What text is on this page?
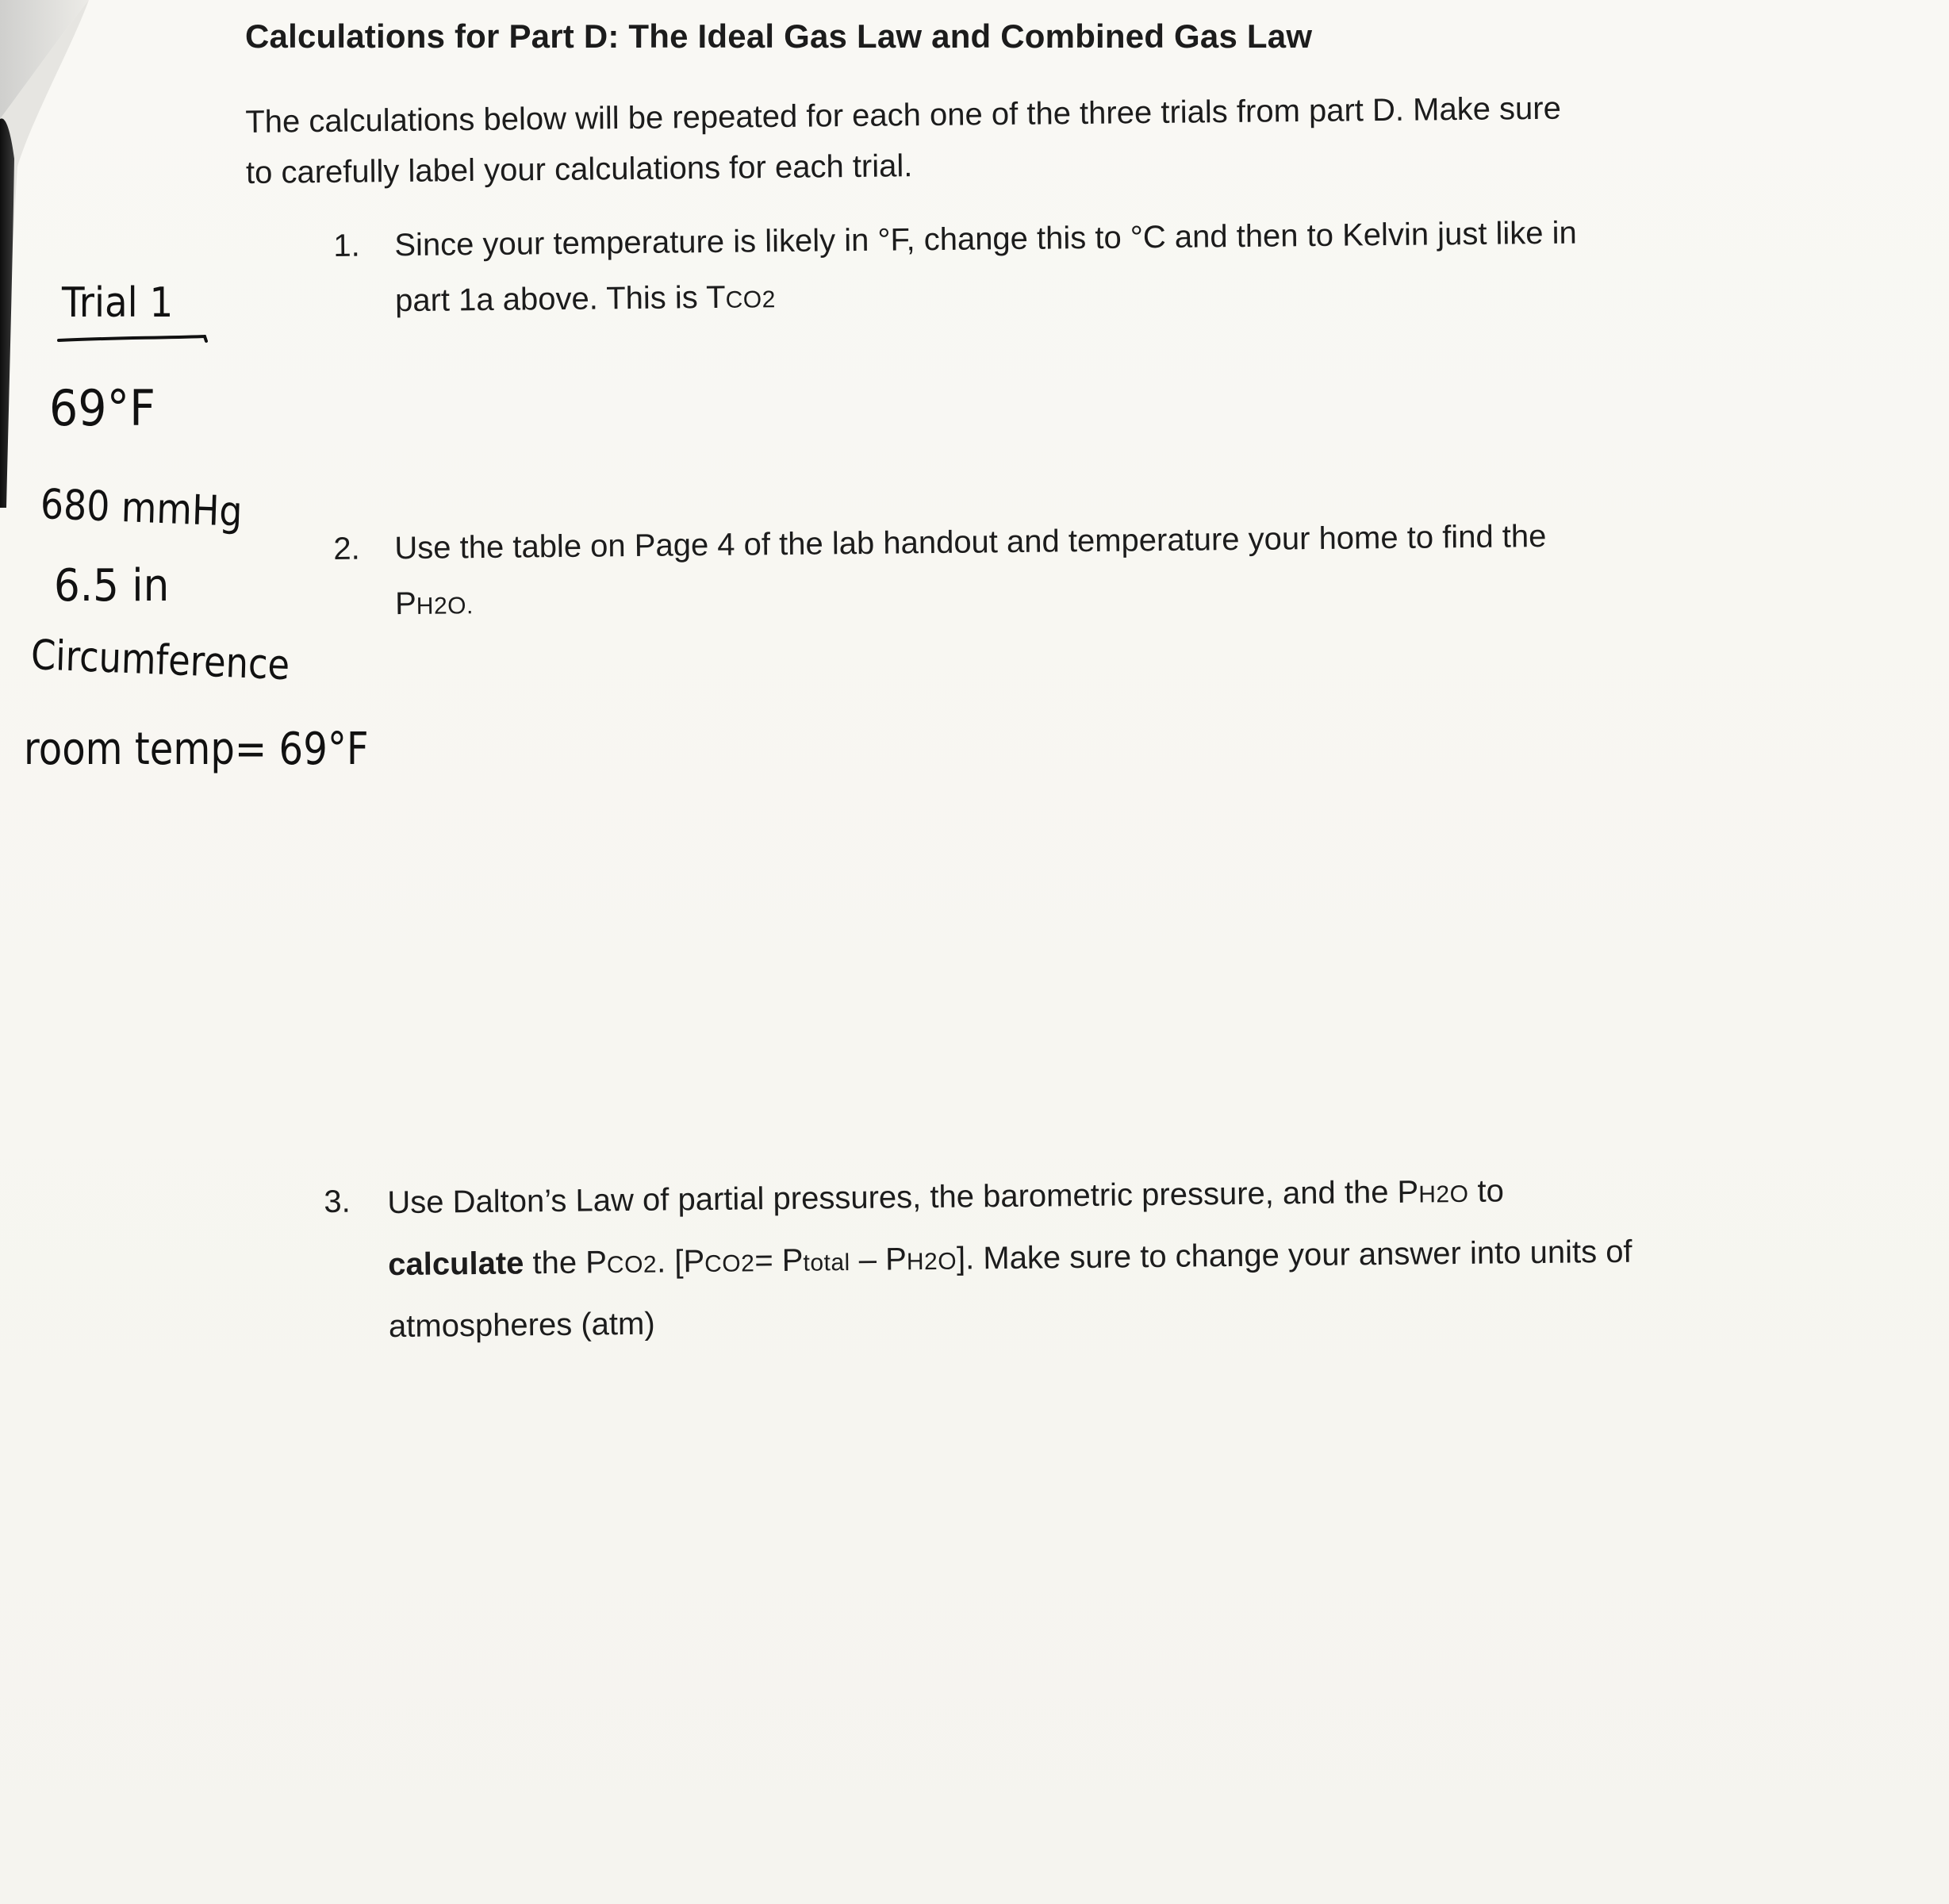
Calculations for Part D: The Ideal Gas Law and Combined Gas Law

The calculations below will be repeated for each one of the three trials from part D. Make sure

to carefully label your calculations for each trial.

1. Since your temperature is likely in °F, change this to °C and then to Kelvin just like in
part 1a above. This is TCO2
2. Use the table on Page 4 of the lab handout and temperature your home to find the
PH2O.
3. Use Dalton’s Law of partial pressures, the barometric pressure, and the PH2O to
calculate the PCO2. [PCO2= Ptotal – PH2O]. Make sure to change your answer into units of
atmospheres (atm)
Trial 1
69°F
680 mmHg
6.5 in
Circumference
room temp= 69°F
